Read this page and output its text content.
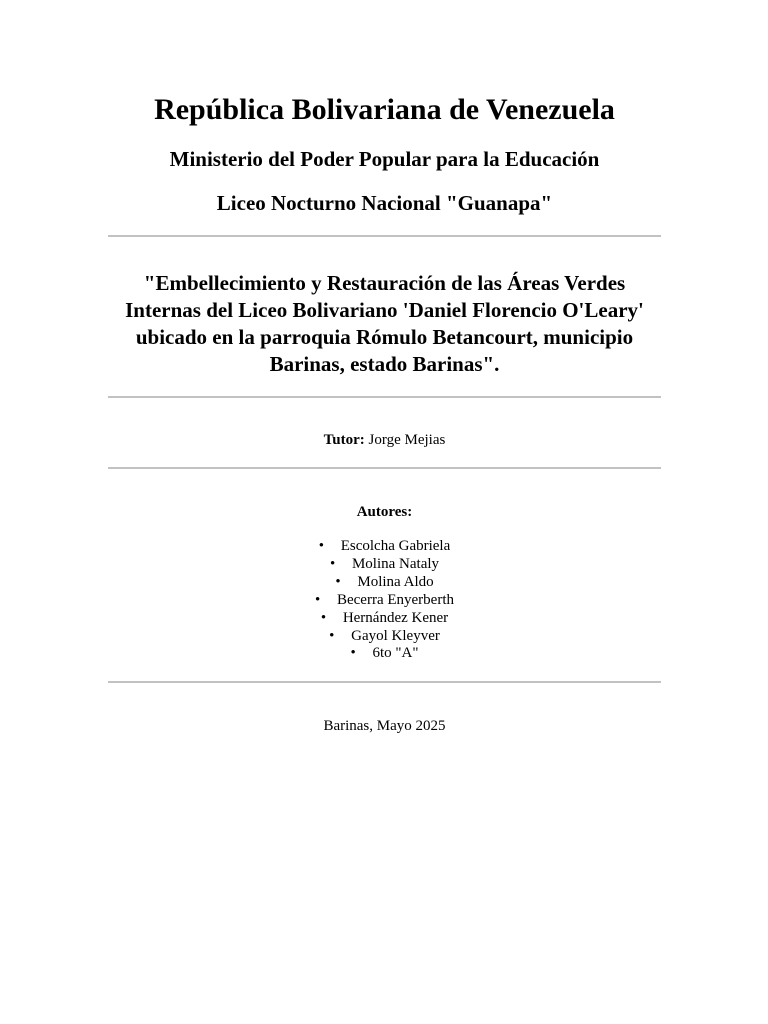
República Bolivariana de Venezuela
Ministerio del Poder Popular para la Educación
Liceo Nocturno Nacional "Guanapa"
"Embellecimiento y Restauración de las Áreas Verdes Internas del Liceo Bolivariano 'Daniel Florencio O'Leary' ubicado en la parroquia Rómulo Betancourt, municipio Barinas, estado Barinas".
Tutor: Jorge Mejias
Autores:
• Escolcha Gabriela
• Molina Nataly
• Molina Aldo
• Becerra Enyerberth
• Hernández Kener
• Gayol Kleyver
• 6to "A"
Barinas, Mayo 2025
